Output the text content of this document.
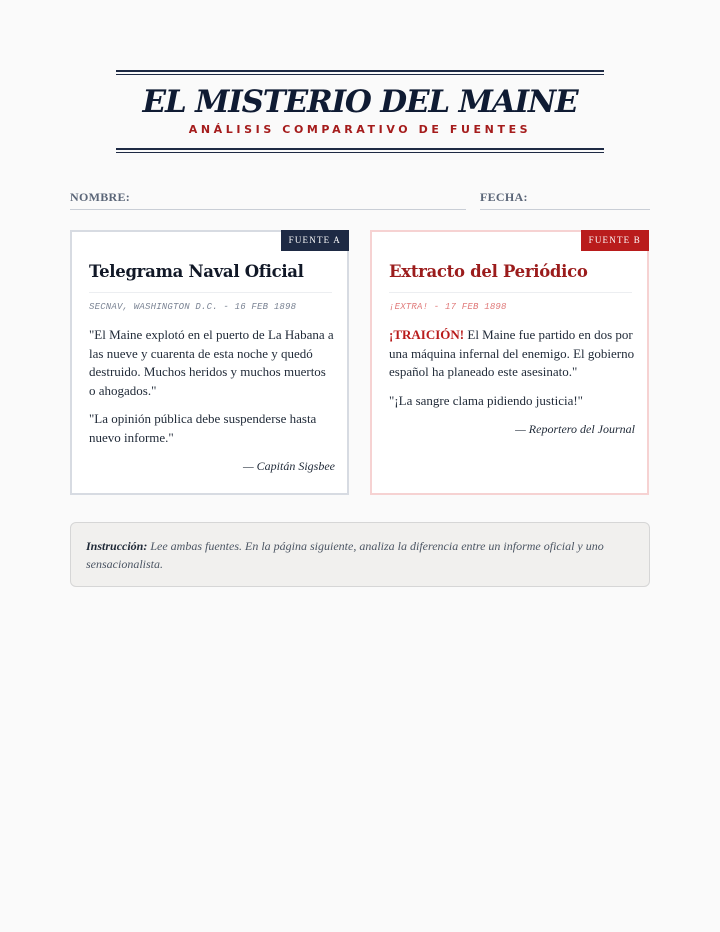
EL MISTERIO DEL MAINE
ANÁLISIS COMPARATIVO DE FUENTES
NOMBRE:	FECHA:
FUENTE A
Telegrama Naval Oficial
SECNAV, WASHINGTON D.C. - 16 FEB 1898

"El Maine explotó en el puerto de La Habana a las nueve y cuarenta de esta noche y quedó destruido. Muchos heridos y muchos muertos o ahogados."

"La opinión pública debe suspenderse hasta nuevo informe."

— Capitán Sigsbee
FUENTE B
Extracto del Periódico
¡EXTRA! - 17 FEB 1898

¡TRAICIÓN! El Maine fue partido en dos por una máquina infernal del enemigo. El gobierno español ha planeado este asesinato."

"¡La sangre clama pidiendo justicia!"

— Reportero del Journal
Instrucción: Lee ambas fuentes. En la página siguiente, analiza la diferencia entre un informe oficial y uno sensacionalista.
